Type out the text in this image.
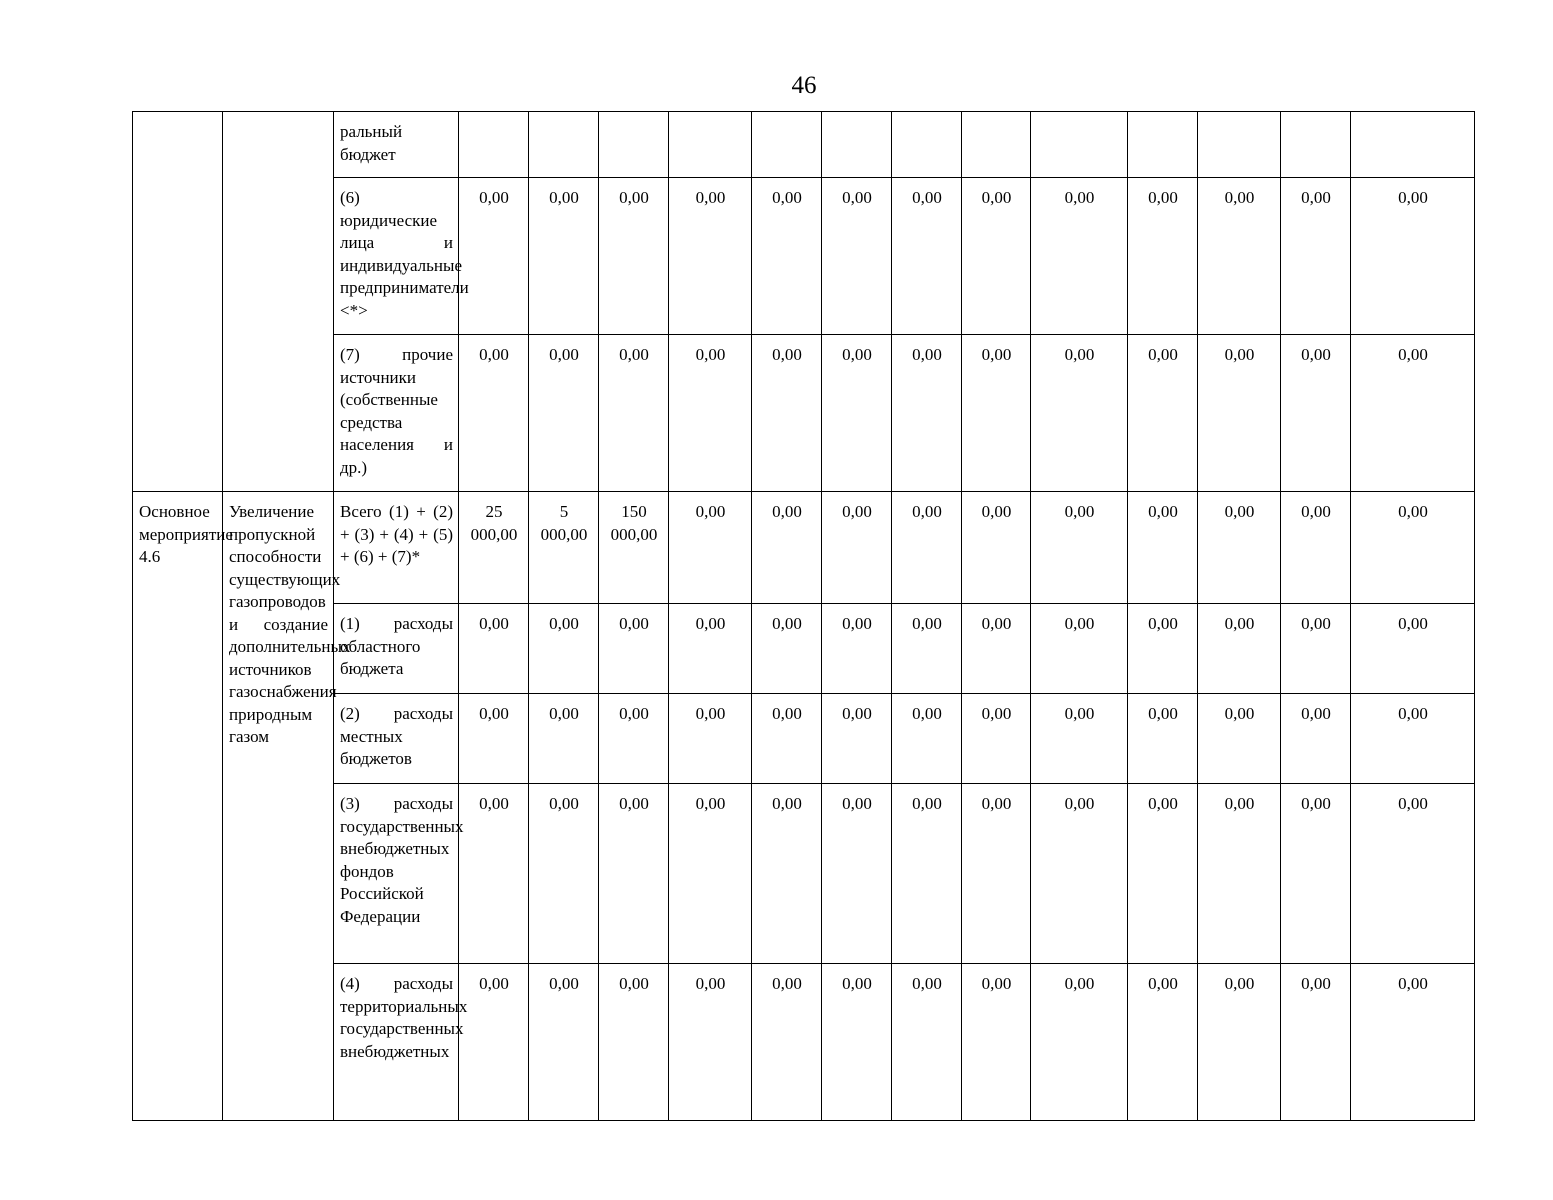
46
		ральный бюджет													
		(6) юридические лица и индивидуальные предприниматели <*>	0,00	0,00	0,00	0,00	0,00	0,00	0,00	0,00	0,00	0,00	0,00	0,00	0,00
		(7) прочие источники (собственные средства населения и др.)	0,00	0,00	0,00	0,00	0,00	0,00	0,00	0,00	0,00	0,00	0,00	0,00	0,00
Основное мероприятие 4.6	Увеличение пропускной способности существующих газопроводов и создание дополнительных источников газоснабжения природным газом	Всего (1) + (2) + (3) + (4) + (5) + (6) + (7)*	25 000,00	5 000,00	150 000,00	0,00	0,00	0,00	0,00	0,00	0,00	0,00	0,00	0,00	0,00
		(1) расходы областного бюджета	0,00	0,00	0,00	0,00	0,00	0,00	0,00	0,00	0,00	0,00	0,00	0,00	0,00
		(2) расходы местных бюджетов	0,00	0,00	0,00	0,00	0,00	0,00	0,00	0,00	0,00	0,00	0,00	0,00	0,00
		(3) расходы государственных внебюджетных фондов Российской Федерации	0,00	0,00	0,00	0,00	0,00	0,00	0,00	0,00	0,00	0,00	0,00	0,00	0,00
		(4) расходы территориальных государственных внебюджетных	0,00	0,00	0,00	0,00	0,00	0,00	0,00	0,00	0,00	0,00	0,00	0,00	0,00
